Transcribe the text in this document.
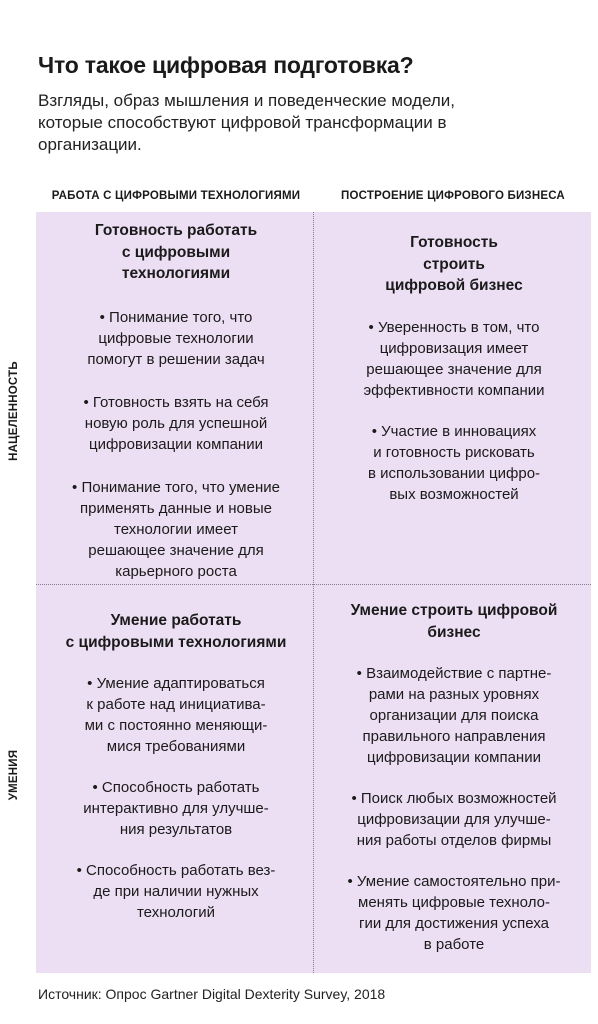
Что такое цифровая подготовка?
Взгляды, образ мышления и поведенческие модели, которые способствуют цифровой трансформации в организации.
РАБОТА С ЦИФРОВЫМИ ТЕХНОЛОГИЯМИ	ПОСТРОЕНИЕ ЦИФРОВОГО БИЗНЕСА
НАЦЕЛЕННОСТЬ
УМЕНИЯ
Готовность работать
с цифровыми
технологиями
• Понимание того, что
цифровые технологии
помогут в решении задач
• Готовность взять на себя
новую роль для успешной
цифровизации компании
• Понимание того, что умение
применять данные и новые
технологии имеет
решающее значение для
карьерного роста
Готовность
строить
цифровой бизнес
• Уверенность в том, что
цифровизация имеет
решающее значение для
эффективности компании
• Участие в инновациях
и готовность рисковать
в использовании цифро-
вых возможностей
Умение работать
с цифровыми технологиями
• Умение адаптироваться
к работе над инициатива-
ми с постоянно меняющи-
мися требованиями
• Способность работать
интерактивно для улучше-
ния результатов
• Способность работать вез-
де при наличии нужных
технологий
Умение строить цифровой
бизнес
• Взаимодействие с партне-
рами на разных уровнях
организации для поиска
правильного направления
цифровизации компании
• Поиск любых возможностей
цифровизации для улучше-
ния работы отделов фирмы
• Умение самостоятельно при-
менять цифровые техноло-
гии для достижения успеха
в работе
Источник: Опрос Gartner Digital Dexterity Survey, 2018
